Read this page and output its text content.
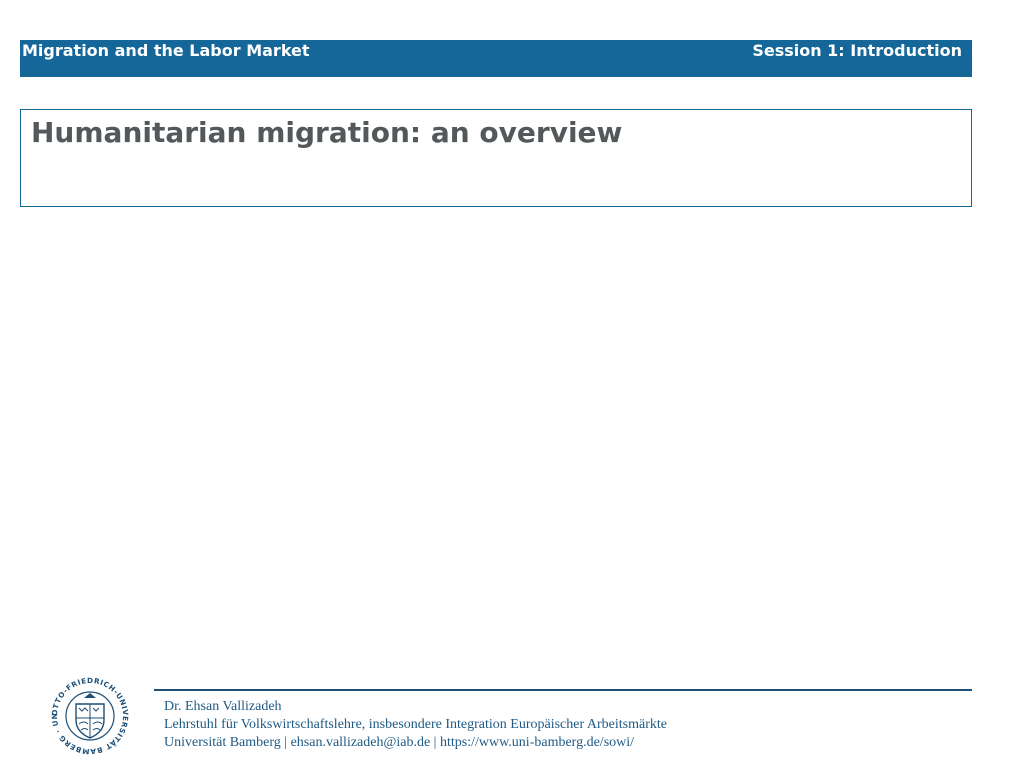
Migration and the Labor Market	Session 1: Introduction
Humanitarian migration: an overview
OTTO-FRIEDRICH-UNIVERSITÄT BAMBERG · UN
Dr. Ehsan Vallizadeh
Lehrstuhl für Volkswirtschaftslehre, insbesondere Integration Europäischer Arbeitsmärkte
Universität Bamberg | ehsan.vallizadeh@iab.de | https://www.uni-bamberg.de/sowi/
